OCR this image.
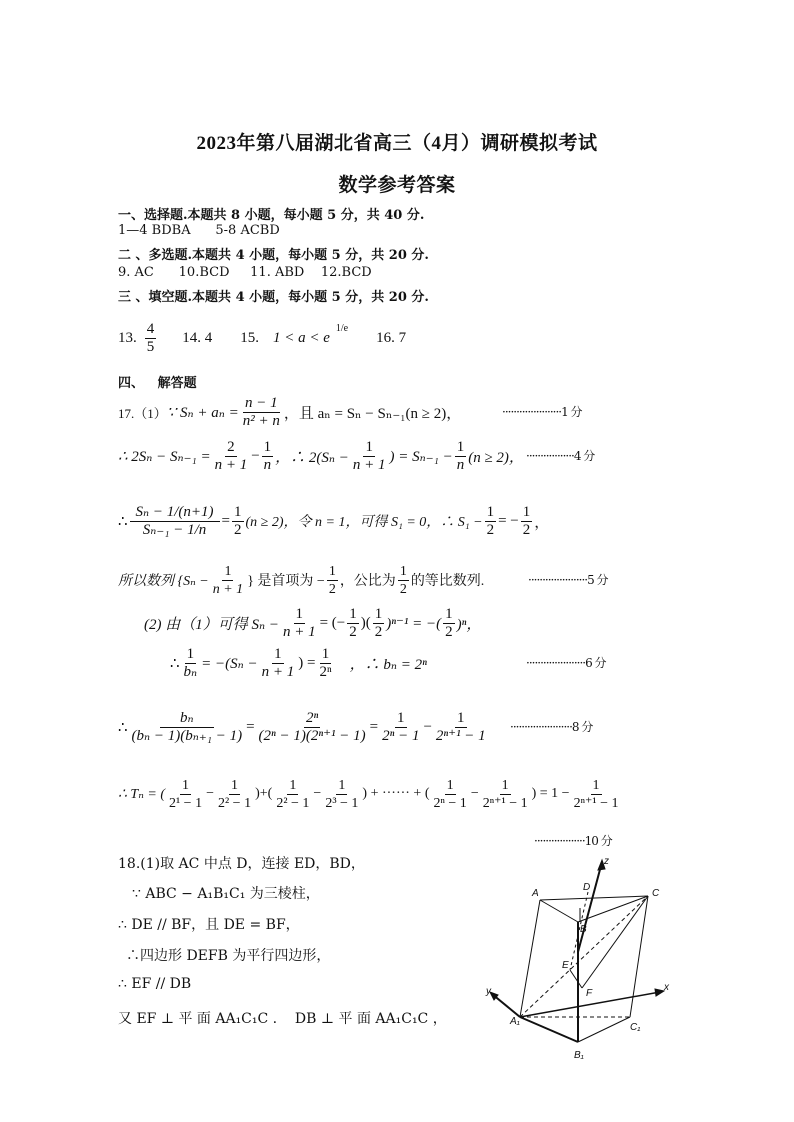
2023年第八届湖北省高三（4月）调研模拟考试
数学参考答案
一、选择题.本题共 8 小题，每小题 5 分，共 40 分.
1—4 BDBA      5-8 ACBD
二 、多选题.本题共 4 小题，每小题 5 分，共 20 分.
9. AC      10.BCD     11. ABD    12.BCD
三 、填空题.本题共 4 小题，每小题 5 分，共 20 分.
13. $\frac{4}{5} 14$. 4 15. 1 < a < e
$^{1/e}$
16. 7
四、   解答题
17.（1） ∵ $S_n + a_n = \frac{n - 1}{\text{n² + n}}$ ，且 aₙ = Sₙ − Sₙ₋₁(n ≥ 2)，	·····················1 分
∴ $2S_n - S_{n-1} = \frac{2}{n + 1} - \frac{1}{n}$ ，∴ $2(S_n - \frac{1}{n + 1}$ ) = $S_{n-1} - \frac{1}{n} (n \ge 2)$， ·················4 分
∴ $\frac{\text{Sₙ − 1/(n+1)}}{\text{Sₙ₋₁ − 1/n}} = \frac{1}{2} (n \ge 2)$，令 n = 1，可得 S₁ = 0，∴ $S_1 - \frac{1}{2}$ = − $\frac{1}{2}$ ，
所以数列 {$S_n - \frac{1}{n + 1}$ } 是首项为 − $\frac{1}{2}$ ，公比为 $\frac{1}{2}$ 的等比数列.	·····················5 分
(2) 由（1）可得 $S_n - \frac{1}{n + 1}$ = (− $\frac{1}{2}$ )( $\frac{1}{2} )^{n-1}$ = −( $\frac{1}{2} )^n$，
∴ $\frac{1}{\text{bₙ}} = -(S_n - \frac{1}{n + 1}$ ) = $\frac{1}{\text{2ⁿ}}$ ，∴ bₙ = 2ⁿ	·····················6 分
∴ $\frac{\text{bₙ}}{\text{(bₙ − 1)(bₙ₊₁ − 1)}} = \frac{\text{2ⁿ}}{\text{(2ⁿ − 1)(2ⁿ⁺¹ − 1)}} = \frac{1}{\text{2ⁿ − 1}} - \frac{1}{\text{2ⁿ⁺¹ − 1}} \cdot\cdot\cdot\cdot\cdot\cdot\cdot\cdot\cdot\cdot\cdot\cdot\cdot\cdot\cdot\cdot\cdot\cdot\cdot\cdot\cdot\cdot 8$ 分
∴ Tₙ = ( $\frac{1}{\text{2¹ − 1}} - \frac{1}{\text{2² − 1}}$ )+( $\frac{1}{\text{2² − 1}} - \frac{1}{\text{2³ − 1}}$ ) + ······ + ( $\frac{1}{\text{2ⁿ − 1}} - \frac{1}{\text{2ⁿ⁺¹ − 1}}$ ) = $1 - \frac{1}{\text{2ⁿ⁺¹ − 1}}$
··················10 分
18.(1)取 AC 中点 D，连接 ED，BD，
∵ ABC − A₁B₁C₁ 为三棱柱，
∴ DE // BF，且 DE = BF，
∴四边形 DEFB 为平行四边形，
∴ EF // DB
又 EF ⊥ 平 面 AA₁C₁C .    DB ⊥ 平 面 AA₁C₁C ，
A
D
C
B
E
F
A₁
C₁
B₁
z
y	x
